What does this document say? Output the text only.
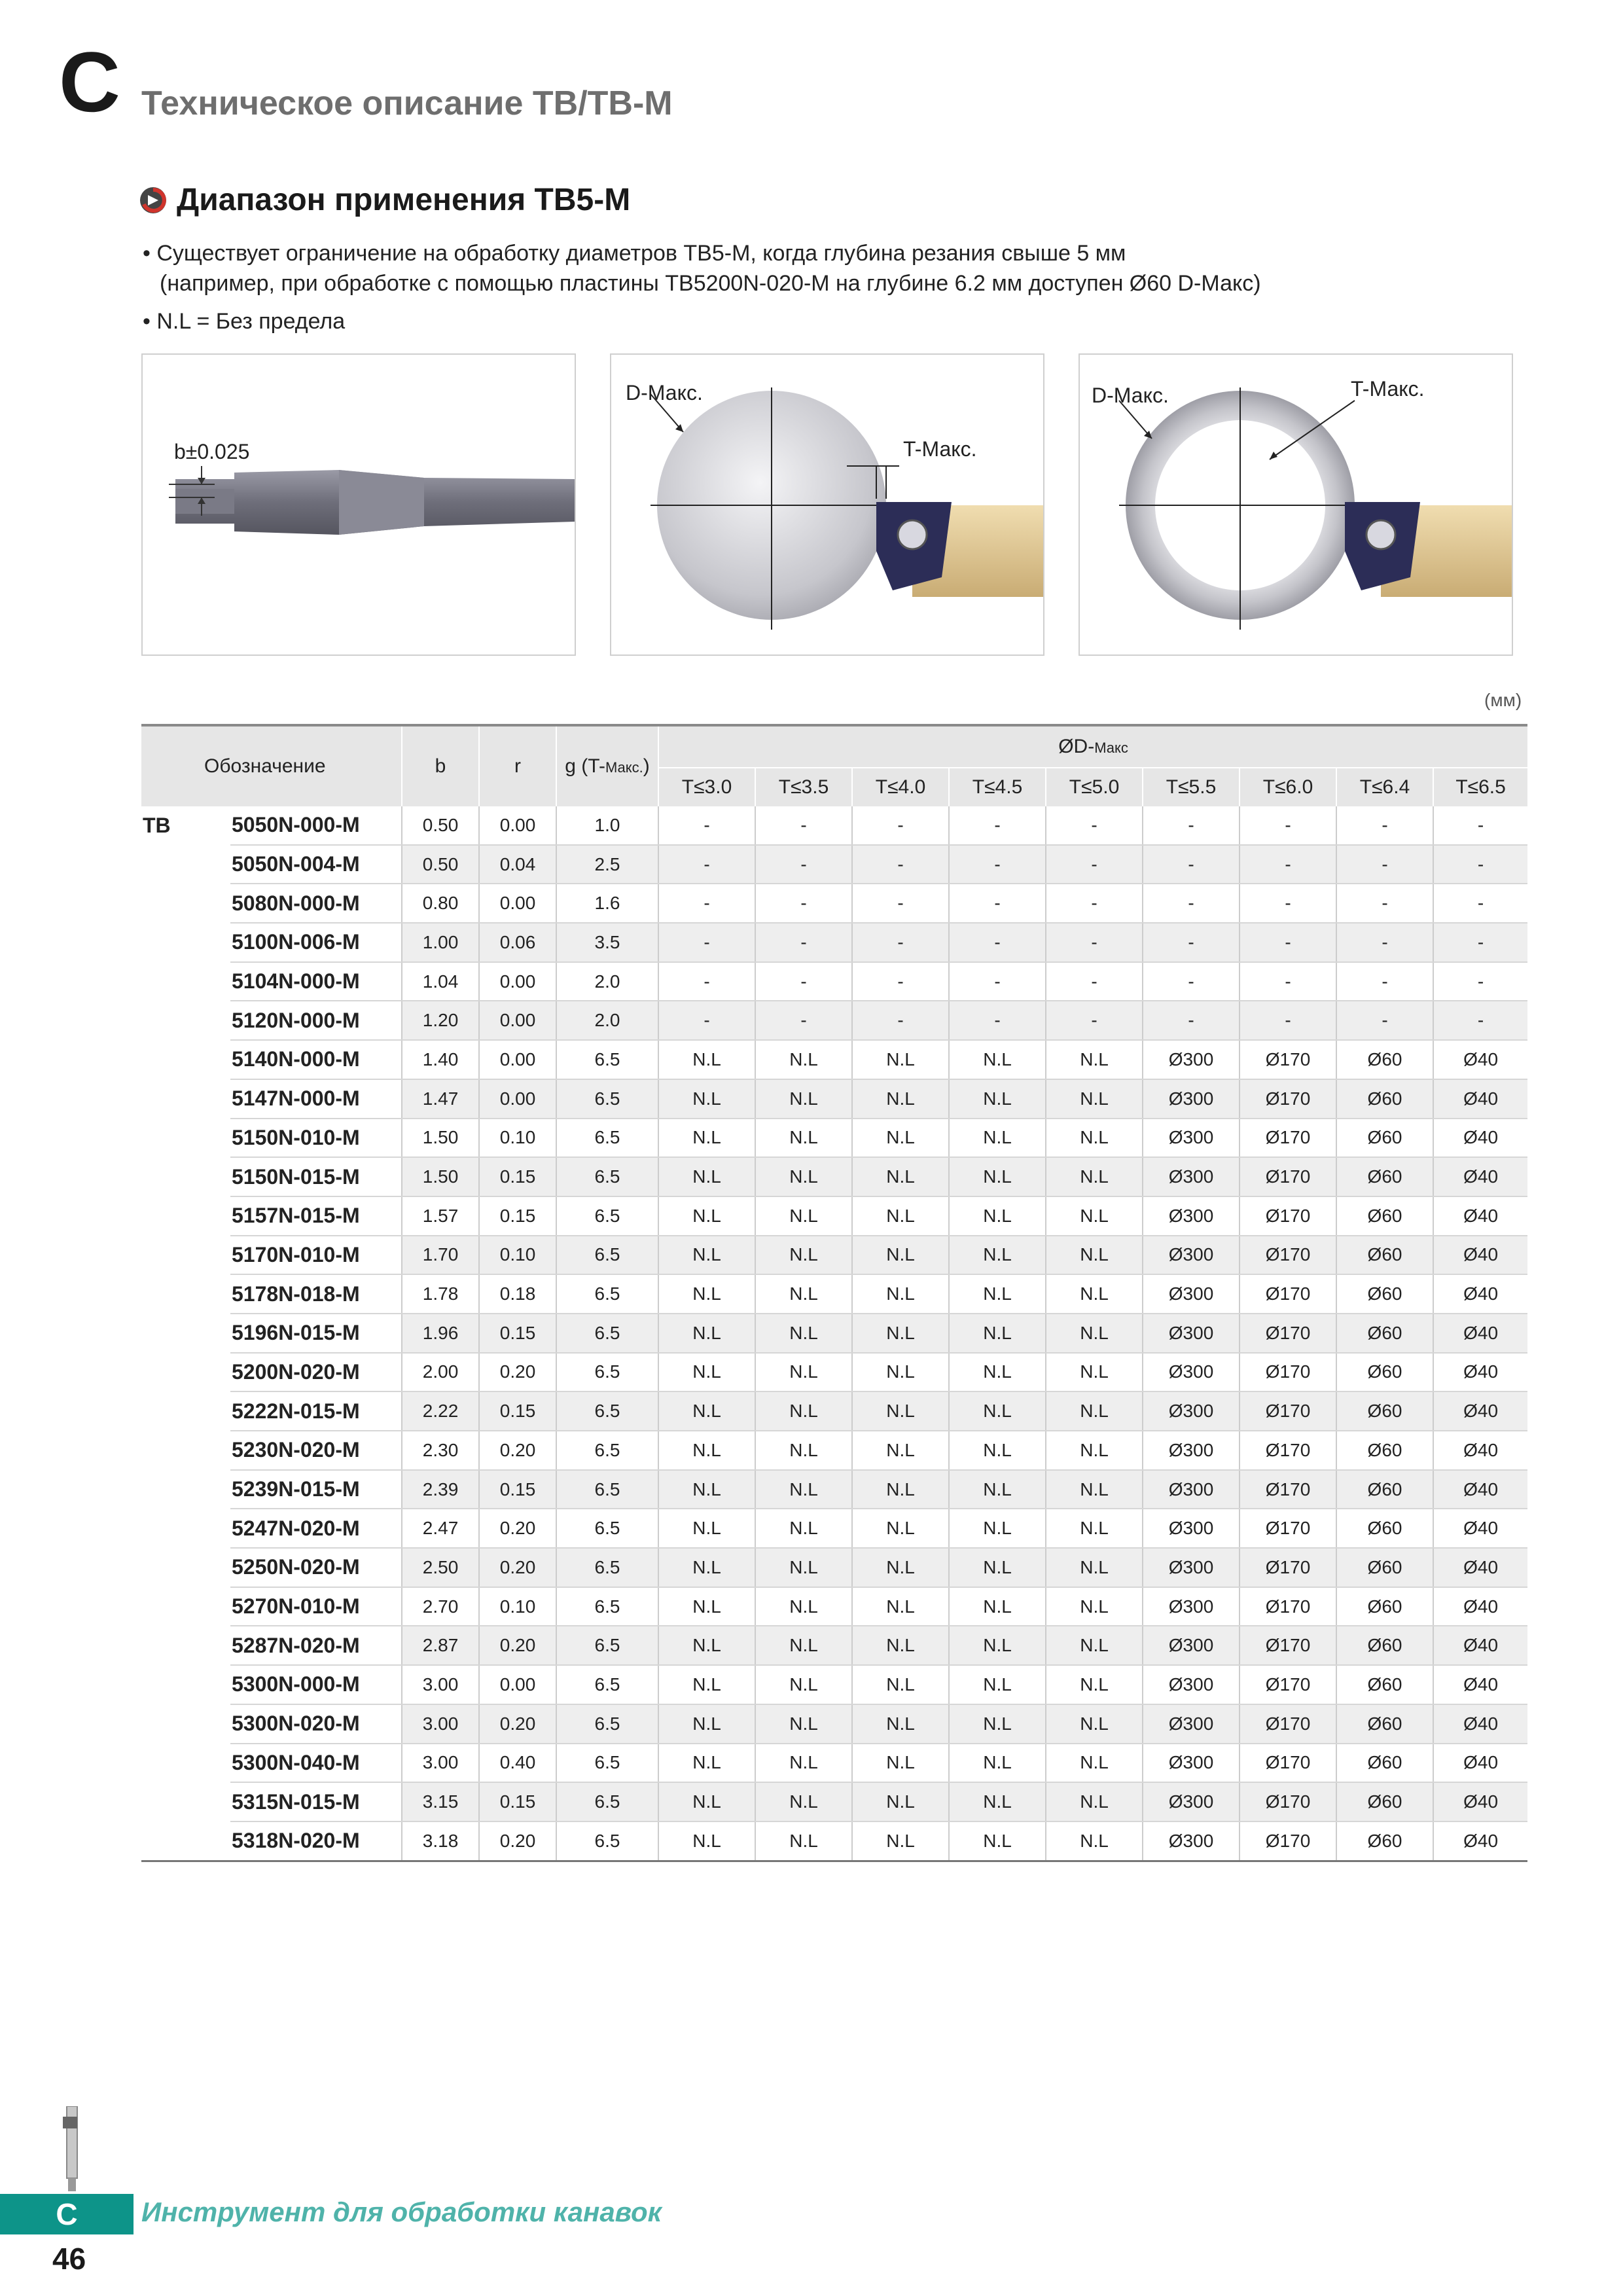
C Техническое описание TB/TB-M
Диапазон применения TB5-M
• Существует ограничение на обработку диаметров TB5-M, когда глубина резания свыше 5 мм
(например, при обработке с помощью пластины TB5200N-020-M на глубине 6.2 мм доступен Ø60 D-Макс)
• N.L = Без предела
b±0.025
D-Макс.
T-Макс.
D-Макс.	T-Макс.
(мм)
Обозначение		b	r	g (T-Макс.)	ØD-Макс								
					T≤3.0	T≤3.5	T≤4.0	T≤4.5	T≤5.0	T≤5.5	T≤6.0	T≤6.4	T≤6.5
TB	5050N-000-M	0.50	0.00	1.0	-	-	-	-	-	-	-	-	-
	5050N-004-M	0.50	0.04	2.5	-	-	-	-	-	-	-	-	-
	5080N-000-M	0.80	0.00	1.6	-	-	-	-	-	-	-	-	-
	5100N-006-M	1.00	0.06	3.5	-	-	-	-	-	-	-	-	-
	5104N-000-M	1.04	0.00	2.0	-	-	-	-	-	-	-	-	-
	5120N-000-M	1.20	0.00	2.0	-	-	-	-	-	-	-	-	-
	5140N-000-M	1.40	0.00	6.5	N.L	N.L	N.L	N.L	N.L	Ø300	Ø170	Ø60	Ø40
	5147N-000-M	1.47	0.00	6.5	N.L	N.L	N.L	N.L	N.L	Ø300	Ø170	Ø60	Ø40
	5150N-010-M	1.50	0.10	6.5	N.L	N.L	N.L	N.L	N.L	Ø300	Ø170	Ø60	Ø40
	5150N-015-M	1.50	0.15	6.5	N.L	N.L	N.L	N.L	N.L	Ø300	Ø170	Ø60	Ø40
	5157N-015-M	1.57	0.15	6.5	N.L	N.L	N.L	N.L	N.L	Ø300	Ø170	Ø60	Ø40
	5170N-010-M	1.70	0.10	6.5	N.L	N.L	N.L	N.L	N.L	Ø300	Ø170	Ø60	Ø40
	5178N-018-M	1.78	0.18	6.5	N.L	N.L	N.L	N.L	N.L	Ø300	Ø170	Ø60	Ø40
	5196N-015-M	1.96	0.15	6.5	N.L	N.L	N.L	N.L	N.L	Ø300	Ø170	Ø60	Ø40
	5200N-020-M	2.00	0.20	6.5	N.L	N.L	N.L	N.L	N.L	Ø300	Ø170	Ø60	Ø40
	5222N-015-M	2.22	0.15	6.5	N.L	N.L	N.L	N.L	N.L	Ø300	Ø170	Ø60	Ø40
	5230N-020-M	2.30	0.20	6.5	N.L	N.L	N.L	N.L	N.L	Ø300	Ø170	Ø60	Ø40
	5239N-015-M	2.39	0.15	6.5	N.L	N.L	N.L	N.L	N.L	Ø300	Ø170	Ø60	Ø40
	5247N-020-M	2.47	0.20	6.5	N.L	N.L	N.L	N.L	N.L	Ø300	Ø170	Ø60	Ø40
	5250N-020-M	2.50	0.20	6.5	N.L	N.L	N.L	N.L	N.L	Ø300	Ø170	Ø60	Ø40
	5270N-010-M	2.70	0.10	6.5	N.L	N.L	N.L	N.L	N.L	Ø300	Ø170	Ø60	Ø40
	5287N-020-M	2.87	0.20	6.5	N.L	N.L	N.L	N.L	N.L	Ø300	Ø170	Ø60	Ø40
	5300N-000-M	3.00	0.00	6.5	N.L	N.L	N.L	N.L	N.L	Ø300	Ø170	Ø60	Ø40
	5300N-020-M	3.00	0.20	6.5	N.L	N.L	N.L	N.L	N.L	Ø300	Ø170	Ø60	Ø40
	5300N-040-M	3.00	0.40	6.5	N.L	N.L	N.L	N.L	N.L	Ø300	Ø170	Ø60	Ø40
	5315N-015-M	3.15	0.15	6.5	N.L	N.L	N.L	N.L	N.L	Ø300	Ø170	Ø60	Ø40
	5318N-020-M	3.18	0.20	6.5	N.L	N.L	N.L	N.L	N.L	Ø300	Ø170	Ø60	Ø40
C	Инструмент для обработки канавок
46
